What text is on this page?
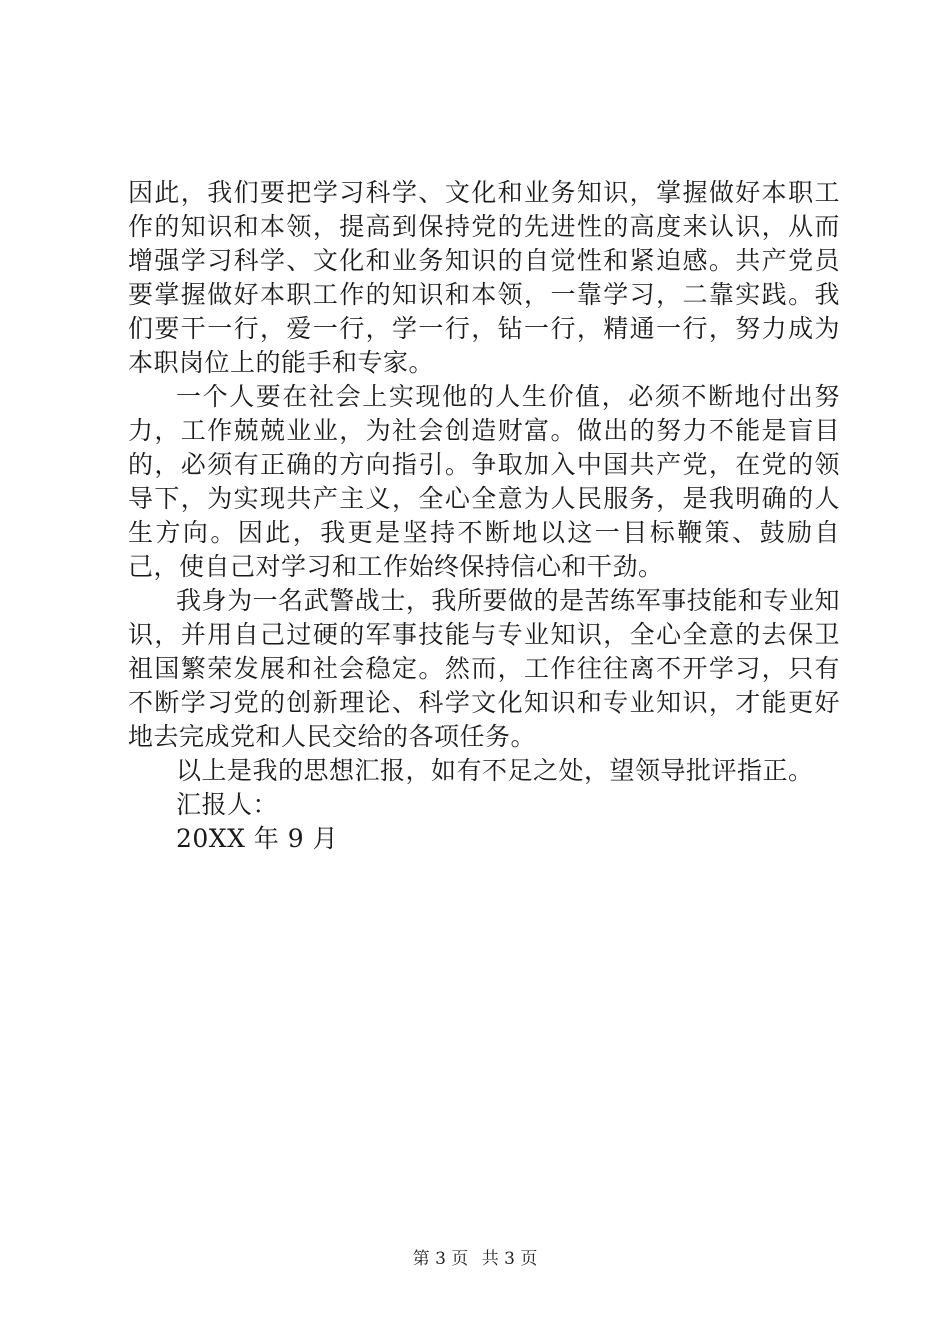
因此，我们要把学习科学、文化和业务知识，掌握做好本职工作的知识和本领，提高到保持党的先进性的高度来认识，从而增强学习科学、文化和业务知识的自觉性和紧迫感。共产党员要掌握做好本职工作的知识和本领，一靠学习，二靠实践。我们要干一行，爱一行，学一行，钻一行，精通一行，努力成为本职岗位上的能手和专家。

一个人要在社会上实现他的人生价值，必须不断地付出努力，工作兢兢业业，为社会创造财富。做出的努力不能是盲目的，必须有正确的方向指引。争取加入中国共产党，在党的领导下，为实现共产主义，全心全意为人民服务，是我明确的人生方向。因此，我更是坚持不断地以这一目标鞭策、鼓励自己，使自己对学习和工作始终保持信心和干劲。

我身为一名武警战士，我所要做的是苦练军事技能和专业知识，并用自己过硬的军事技能与专业知识，全心全意的去保卫祖国繁荣发展和社会稳定。然而，工作往往离不开学习，只有不断学习党的创新理论、科学文化知识和专业知识，才能更好地去完成党和人民交给的各项任务。

以上是我的思想汇报，如有不足之处，望领导批评指正。

汇报人：

20XX 年 9 月

第 3 页 共 3 页
